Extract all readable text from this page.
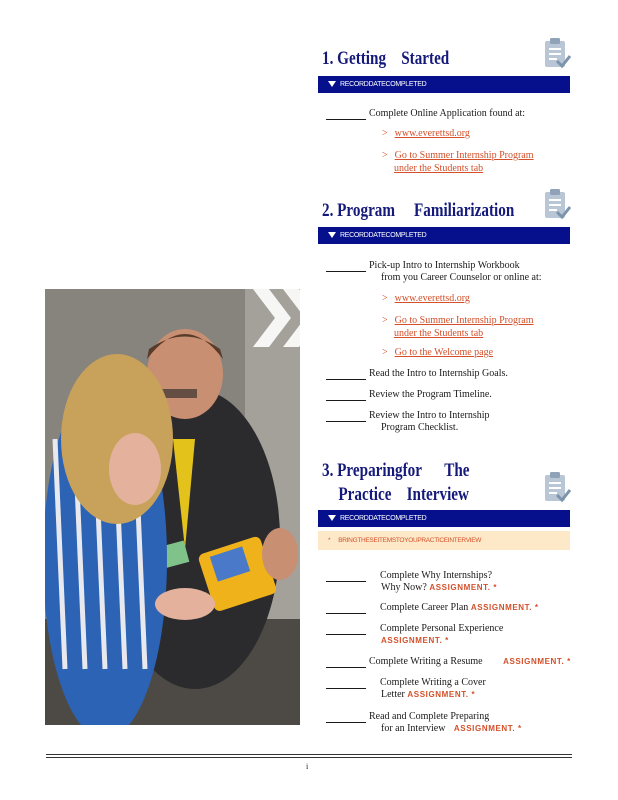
1. Getting    Started
RECORDDATECOMPLETED
Complete Online Application found at:
> www.everettsd.org
> Go to Summer Internship Program
under the Students tab
2. Program     Familiarization
RECORDDATECOMPLETED
Pick-up Intro to Internship Workbook
from you Career Counselor or online at:
> www.everettsd.org
> Go to Summer Internship Program
under the Students tab
> Go to the Welcome page
Read the Intro to Internship Goals.
Review the Program Timeline.
Review the Intro to Internship
Program Checklist.
3. Preparingfor      The
Practice    Interview
RECORDDATECOMPLETED
* BRINGTHESEITEMSTOYOUPRACTICEINTERVIEW
Complete Why Internships?
Why Now? ASSIGNMENT. *
Complete Career Plan ASSIGNMENT. *
Complete Personal Experience
ASSIGNMENT. *
Complete Writing a Resume	ASSIGNMENT. *
Complete Writing a Cover
Letter ASSIGNMENT. *
Read and Complete Preparing
for an Interview ASSIGNMENT. *
i
